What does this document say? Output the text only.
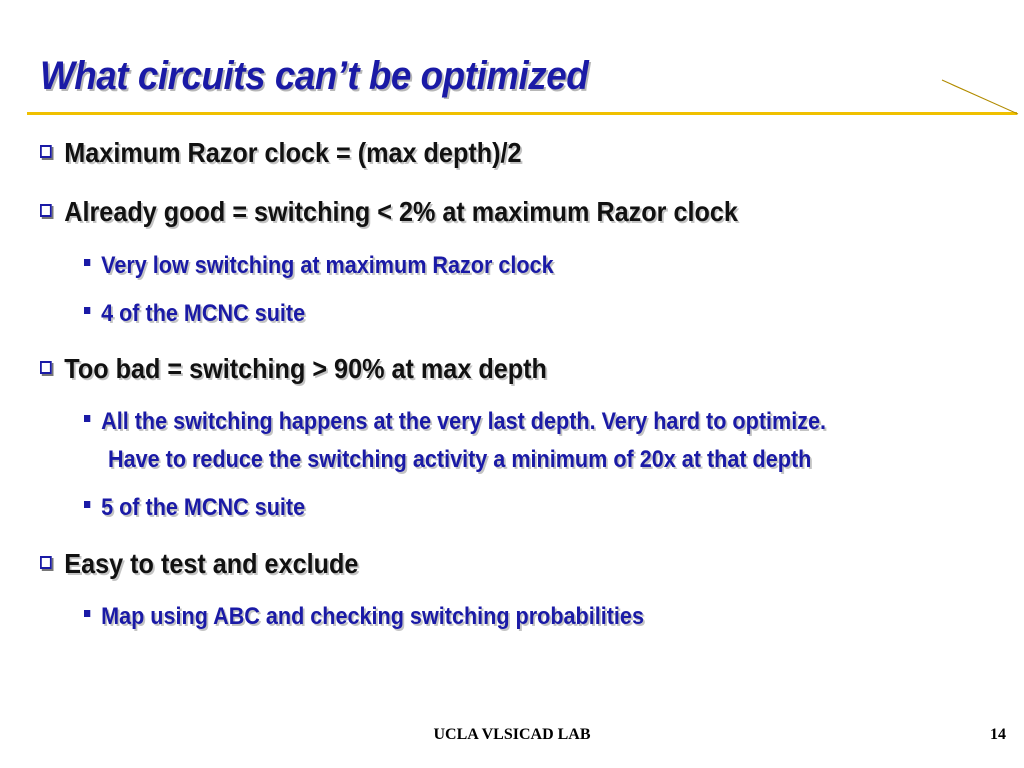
What circuits can’t be optimized
Maximum Razor clock = (max depth)/2
Already good = switching < 2% at maximum Razor clock
Very low switching at maximum Razor clock
4 of the MCNC suite
Too bad = switching > 90% at max depth
All the switching happens at the very last depth. Very hard to optimize.
Have to reduce the switching activity a minimum of 20x at that depth
5 of the MCNC suite
Easy to test and exclude
Map using ABC and checking switching probabilities
UCLA VLSICAD LAB	14
